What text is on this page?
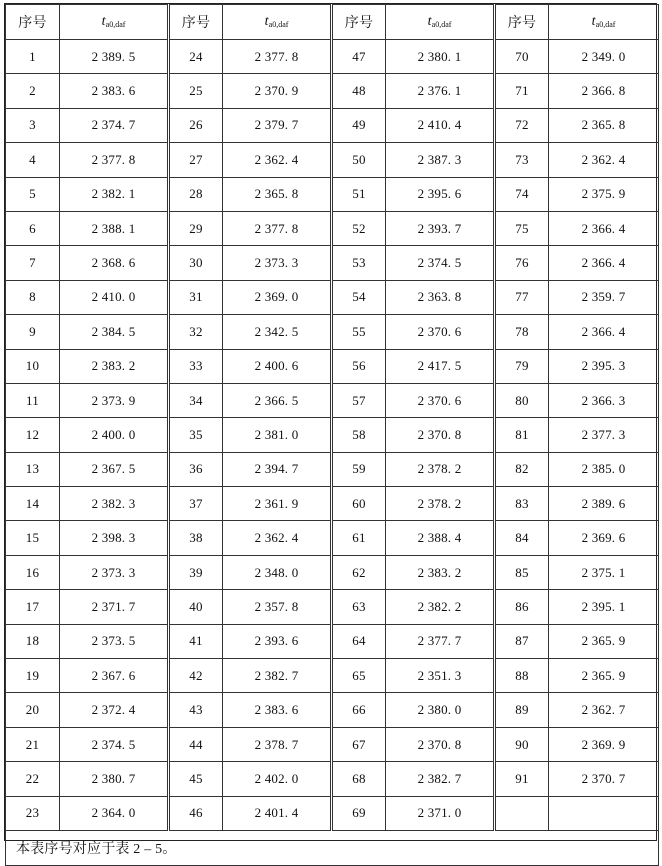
序号	$t_{a0,daf}$	序号	$t_{a0,daf}$	序号	$t_{a0,daf}$	序号	$t_{a0,daf}$
1	2 389. 5	24	2 377. 8	47	2 380. 1	70	2 349. 0
2	2 383. 6	25	2 370. 9	48	2 376. 1	71	2 366. 8
3	2 374. 7	26	2 379. 7	49	2 410. 4	72	2 365. 8
4	2 377. 8	27	2 362. 4	50	2 387. 3	73	2 362. 4
5	2 382. 1	28	2 365. 8	51	2 395. 6	74	2 375. 9
6	2 388. 1	29	2 377. 8	52	2 393. 7	75	2 366. 4
7	2 368. 6	30	2 373. 3	53	2 374. 5	76	2 366. 4
8	2 410. 0	31	2 369. 0	54	2 363. 8	77	2 359. 7
9	2 384. 5	32	2 342. 5	55	2 370. 6	78	2 366. 4
10	2 383. 2	33	2 400. 6	56	2 417. 5	79	2 395. 3
11	2 373. 9	34	2 366. 5	57	2 370. 6	80	2 366. 3
12	2 400. 0	35	2 381. 0	58	2 370. 8	81	2 377. 3
13	2 367. 5	36	2 394. 7	59	2 378. 2	82	2 385. 0
14	2 382. 3	37	2 361. 9	60	2 378. 2	83	2 389. 6
15	2 398. 3	38	2 362. 4	61	2 388. 4	84	2 369. 6
16	2 373. 3	39	2 348. 0	62	2 383. 2	85	2 375. 1
17	2 371. 7	40	2 357. 8	63	2 382. 2	86	2 395. 1
18	2 373. 5	41	2 393. 6	64	2 377. 7	87	2 365. 9
19	2 367. 6	42	2 382. 7	65	2 351. 3	88	2 365. 9
20	2 372. 4	43	2 383. 6	66	2 380. 0	89	2 362. 7
21	2 374. 5	44	2 378. 7	67	2 370. 8	90	2 369. 9
22	2 380. 7	45	2 402. 0	68	2 382. 7	91	2 370. 7
23	2 364. 0	46	2 401. 4	69	2 371. 0		
本表序号对应于表 2 – 5。							
